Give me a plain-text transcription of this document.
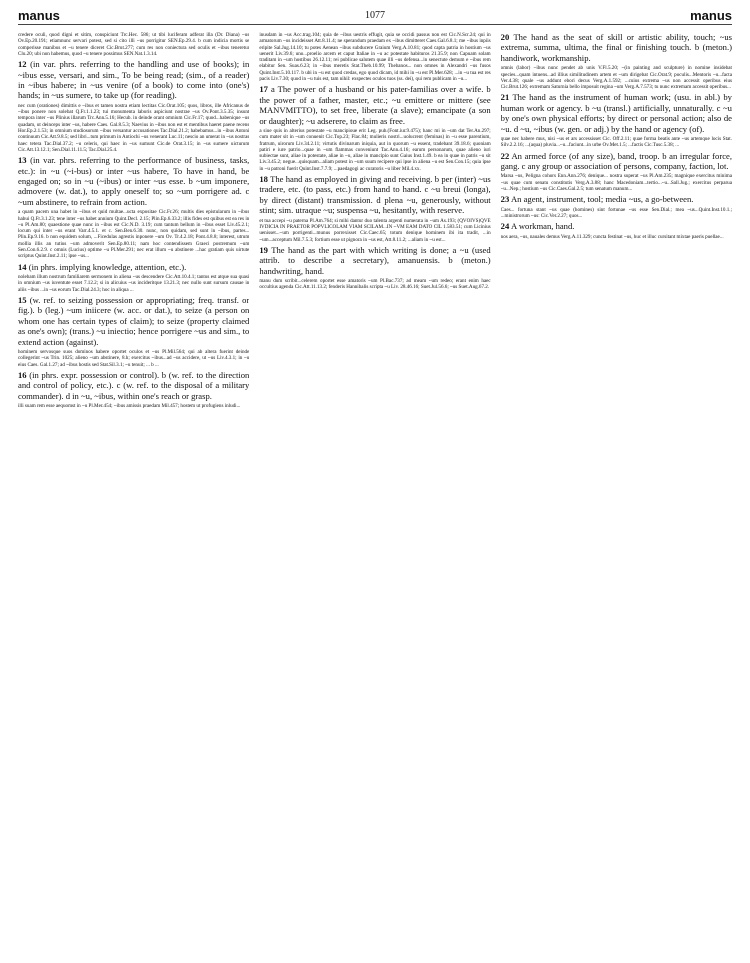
manus	1077	manus

credere oculi, quod digni et sitim, conspiciunt Trc.Hec. 586; ut tibi luciferam adferat illa (Dr. Diana) ~us Ov.Ep.20.191; etiamnunc servari potest, sed si cito illi ~us porrigitur SEN.Ep.29.4. b cum indicia mortis se comperisse manibus et ~u tenere diceret Cic.Brut.277; cum res non coniectura sed oculis et ~ibus teneretur Clu.20; ubi non habemus, quod ~u tenere possimus SEN.Nat.1.3.14.

12 (in var. phrs. referring to the handling and use of books); in ~ibus esse, versari, and sim., To be being read; (sim., of a reader) in ~ibus habere; in ~us venire (of a book) to come into (one's) hands; in ~us sumere, to take up (for reading).

nec cum (orationes) dimittis e ~ibus et tamen nostra etiam lectitas Cic.Orat.105; quos, libros, ille Africanus de ~ibus ponere non solebat Q.Fr.1.1.23; tui monumenta laboris aspiciunt nostrae ~us Ov.Pont.3.5.35; insunt tempora inter ~us Plinius illarum Trc.Ann.5.16; Hecub. in deinde orant omnium Cic.Fr.17; quod...habenique ~us quadam, ut deinceps inter ~us, habere Caes. Gal.8.5.3; Naevius in ~ibus non est et mentibus haeret paene recens Hor.Ep.2.1.53; in omnium studiosorum ~ibus versantur accusationes Tac.Dial.21.2; habebamus...in ~ibus Antoni continuum Cic.Att.9.8.5; sed libri...tum primum in Antiochi ~us venerant Luc.11; nescio an umerat in ~us nostras haec tetera Tac.Dial.37.2; ~u celeris, qui haec in ~us sumunt Cic.de Orat.3.15; in ~us sumere uicturum Cic.Att.13.12.1; Sen.Dial.11.11.5; Tac.Dial.25.4.

13 (in var. phrs. referring to the performance of business, tasks, etc.): in ~u (~i-bus) or inter ~us habere, To have in hand, be engaged on; so in ~u (~ibus) or inter ~us esse. b ~um imponere, admovere (w. dat.), to apply oneself to; so ~um porrigere ad. c ~um abstinere, to refrain from action.

a quam pacem una habet in ~ibus et quid multae...ucta expositae Cic.Fr.26; multis dies epistularum in ~ibus habui Q.Fr.3.1.23; tene inter ~us habet annium Quint.Decl. 2.15; Plin.Ep.6.33.2; illis fides est quibus est ea res in ~u Pl.Am.80; quaestione quae nunc in ~ibus est Cic.N.D. 3.19; cum tantum bellum in ~ibus esset Liv.45.2.1; locum qui inter ~us erant Varr.4.5.1. et c. Sen.Ben.6.30. nunc, non quidam, sed sunt in ~ibus, partes... Plin.Ep.9.16. b non equidem solum, ...Ficedulas agrestis inponere ~um Ov. Tr.4.2.18; Pont.4.8.8; interest, utrum mollia illis an tutius ~um admoverit Sen.Ep.80.11; nam hoc contendissem Graeci postremum ~um Sen.Con.6.2.9. c omnis (Lucius) optime ~u Pl.Mer.291; nec erat illum ~u abstinere ...hac gratiam quis uirtute scriptus Quint.Inst.2.11; ipse ~us...

14 (in phrs. implying knowledge, attention, etc.).

nolebam illum nostrum familiarem sermonem in aliena ~us descendere Cic.Att.10.4.1; tantus est atque sua quasi in omnium ~us iuventute esset 7.12.2; si in alicuius ~us incideritque 13.21.3; nec nullo sunt sursum causae in aliis ~ibus ...in ~us eorum Tac.Dial.24.3; hoc in aliqua ...

15 (w. ref. to seizing possession or appropriating; freq. transf. or fig.). b (leg.) ~um iniicere (w. acc. or dat.), to seize (a person on whom one has certain types of claim); to seize (property claimed as one's own); (trans.) ~u iniectio; hence porrigere ~us and sim., to extend action (against).

hominem servosque suos dominos habere oportet oculos et ~us Pl.Mil.564; qui ab altera fuerint deinde collegerint ~us Trin. 1025; alieno ~um abstinere, 8.h; exercitus ~ibus...ad ~us accidere, ut ~us Liv.4.3.1; in ~u eius Caes. Gal.1.27; ad ~ibus hostis sed Stat.Sil.3.1; ~u tenuit; ... b ...

16 (in phrs. expr. possession or control). b (w. ref. to the direction and control of policy, etc.). c (w. ref. to the disposal of a military commander). d in ~u, ~ibus, within one's reach or grasp.

illi suam rem esse aequomst in ~u Pl.Mer.454; ~ibus amissis praedam Mil.457; hostem ut profugiens inludi...

inusdam in ~us Acc.trag.104; quia de ~ibus uestris effugit, quia se occidi passus non est Cic.N.Scr.24; qui in armatorum ~us incideisset Att.8.11.4; ne sperandum praedam ex ~ibus dimitteret Caes.Gal.6.8.1; me ~ibus inpiis eripite Sal.Jug.14.10; tu potes Aenean ~ibus subducere Graium Verg.A.10.81; quod capta patria in hostium ~us uenerit Liv.39.6; uno...proelio arcem et caput Italiae in ~u ac potestate habituros 21.35.9; non Capuam solam traditam in ~um hostibus 26.12.11; rei publicae salutem quae illi ~us defensa...in senectute demum e ~ibus rem elabitur Sen. Suas.6.23; in ~ibus meretis Stat.Theb.10.99; Thebanos... non omnes in Alexandri ~us fusos Quint.Inst.5.10.117. b ubi in ~u est quod credas, ego quod dicam, id mihi in ~u est Pl.Mer.628; ...in ~u tua est res pacis Liv.7.30; quod in ~u tuis est, tam nihil: exspectes oculos tuos (ss. dei), qui rem publicam in ~u...

17 a The power of a husband or his pater-familias over a wife. b the power of a father, master, etc.; ~u emittere or mittere (see MANVMITTO), to set free, liberate (a slave); emancipate (a son or daughter); ~u adserere, to claim as free.

a siue quis in alterius potestate ~u mancipioue erit Leg. pub.(Font.iur.9.475); hanc mi in ~um dat Ter.An.297; cum mater sit in ~um conuenit Cic.Top.23; Flac.84; mulieris nostri...uolucrent (feminas) in ~u esse parentium, fratrum, uirorum Liv.34.2.11; virtutis divinarum iniquia, aut in quorum ~u essent, tradebant 39.18.6; quoniam patiri e iure patrio...quae in ~um flammas conveniunt Tac.Ann.4.16; earum personarum, quae alieno iuri subiectae sunt, aliae in potestate, aliae in ~u, aliae in mancipio sunt Gaius Inst.1.49. b ea in quae in patris ~u sit Liv.3.45.2; negue...quisquam...aliam potest in ~um suum recipere qui ipse in aliena ~u est Sen.Con.15; quia ipse in ~u patroni fuerit Quint.Inst.7.7.9; ...paedagogi ac curatoris ~u liber Mil.4.xx.

18 The hand as employed in giving and receiving. b per (inter) ~us tradere, etc. (to pass, etc.) from hand to hand. c ~u breui (longa), by direct (distant) transmission. d plena ~u, generously, without stint; sim. utraque ~u; suspensa ~u, hesitantly, with reserve.

et tua accepi ~u paterna Pl.Am.764; si mihi dantur duo talenta argenti numerata in ~um As.193; (QVOIVS)QVE IVDICIA IN PRAETOR POPVLICOLAM VIAM SCILAM...IN ~VM EAM DATO CIL 1.583.51; cum Licinius uenisset...~um porrigenti...munus porrexisset Cic.Caec.65; totum denique hominem ibi ita tradit, ...in ~um...acceptum Mil.7.5.3; fortium esse ut pignora in ~us est, Att.8.11.2; ...aliam in ~u est...

19 The hand as the part with which writing is done; a ~u (used attrib. to describe a secretary), amanuensis. b (meton.) handwriting, hand.

manu dum scribit...celerem oportet esse amatoris ~um Pl.Bac.737; ad meam ~um redeo; erant enim haec occultius agenda Cic.Att.11.13.2; fenderis Hannibalis scripta ~u Liv. 28.46.16; Suet.Jul.56.6; ~us Suet.Aug.67.2.

20 The hand as the seat of skill or artistic ability, touch; ~us extrema, summa, ultima, the final or finishing touch. b (meton.) handiwork, workmanship.

omnis (labor) ~ibus nunc pendet ab unis V.Fl.5.20; ~(in painting and sculpture) in nomine insidebat species...quam intuens...ad illius similitudinem artem et ~um dirigebat Cic.Orat.9; poculis...Mentoris ~u...facta Ver.4.38; quale ~us addunt ebori decus Verg.A.1.592; ...cuius extrema ~us non accessit operibus eius Cic.Brut.126; extremam Saturnia bello imposuit regina ~um Verg.A.7.573; tu nunc extremam accessit operibus...

21 The hand as the instrument of human work; (usu. in abl.) by human work or agency. b ~u (transl.) artificially, unnaturally. c ~u by one's own physical efforts; by direct or personal action; also de ~u. d ~u, ~ibus (w. gen. or adj.) by the hand or agency (of).

quae nec habere mus, nisi ~us et ars accessisset Cic. Off.2.11; quae forma beatis ante ~us artemque locis Stat. Silv.2.2.16; ...(aqua) pluvia...~u...faciunt...in urbe Ov.Met.1.5; ...factis Cic.Tusc.5.38; ...

22 An armed force (of any size), band, troop. b an irregular force, gang. c any group or association of persons, company, faction, lot.

Marsa ~us, Peligna cohors Enn.Ann.276; denique... nostra superat ~us Pl.Am.235; magnique exercitus minima ~us quae cum senatu constitutis Verg.A.3.88; hanc Macedoniam...tertio...~u...Sall.Jug.; exercitus perparua ~u...Nep.; hostium ~us Cic.Caes.Gal.2.5; tum senatum manum...

23 An agent, instrument, tool; media ~us, a go-between.

Caes... fortuna stant ~us quae (homines) sint fortunae ~us esse Sen.Dial.; mea ~us...Quint.Inst.10.1.; ...ministrorum ~us: Cic.Ver.2.27; quos...

24 A workman, hand.

nos aera, ~us, nauales demus Verg.A.11.329; cuncta festinat ~us, huc et illuc cursitant mixtae paeris puellae...
